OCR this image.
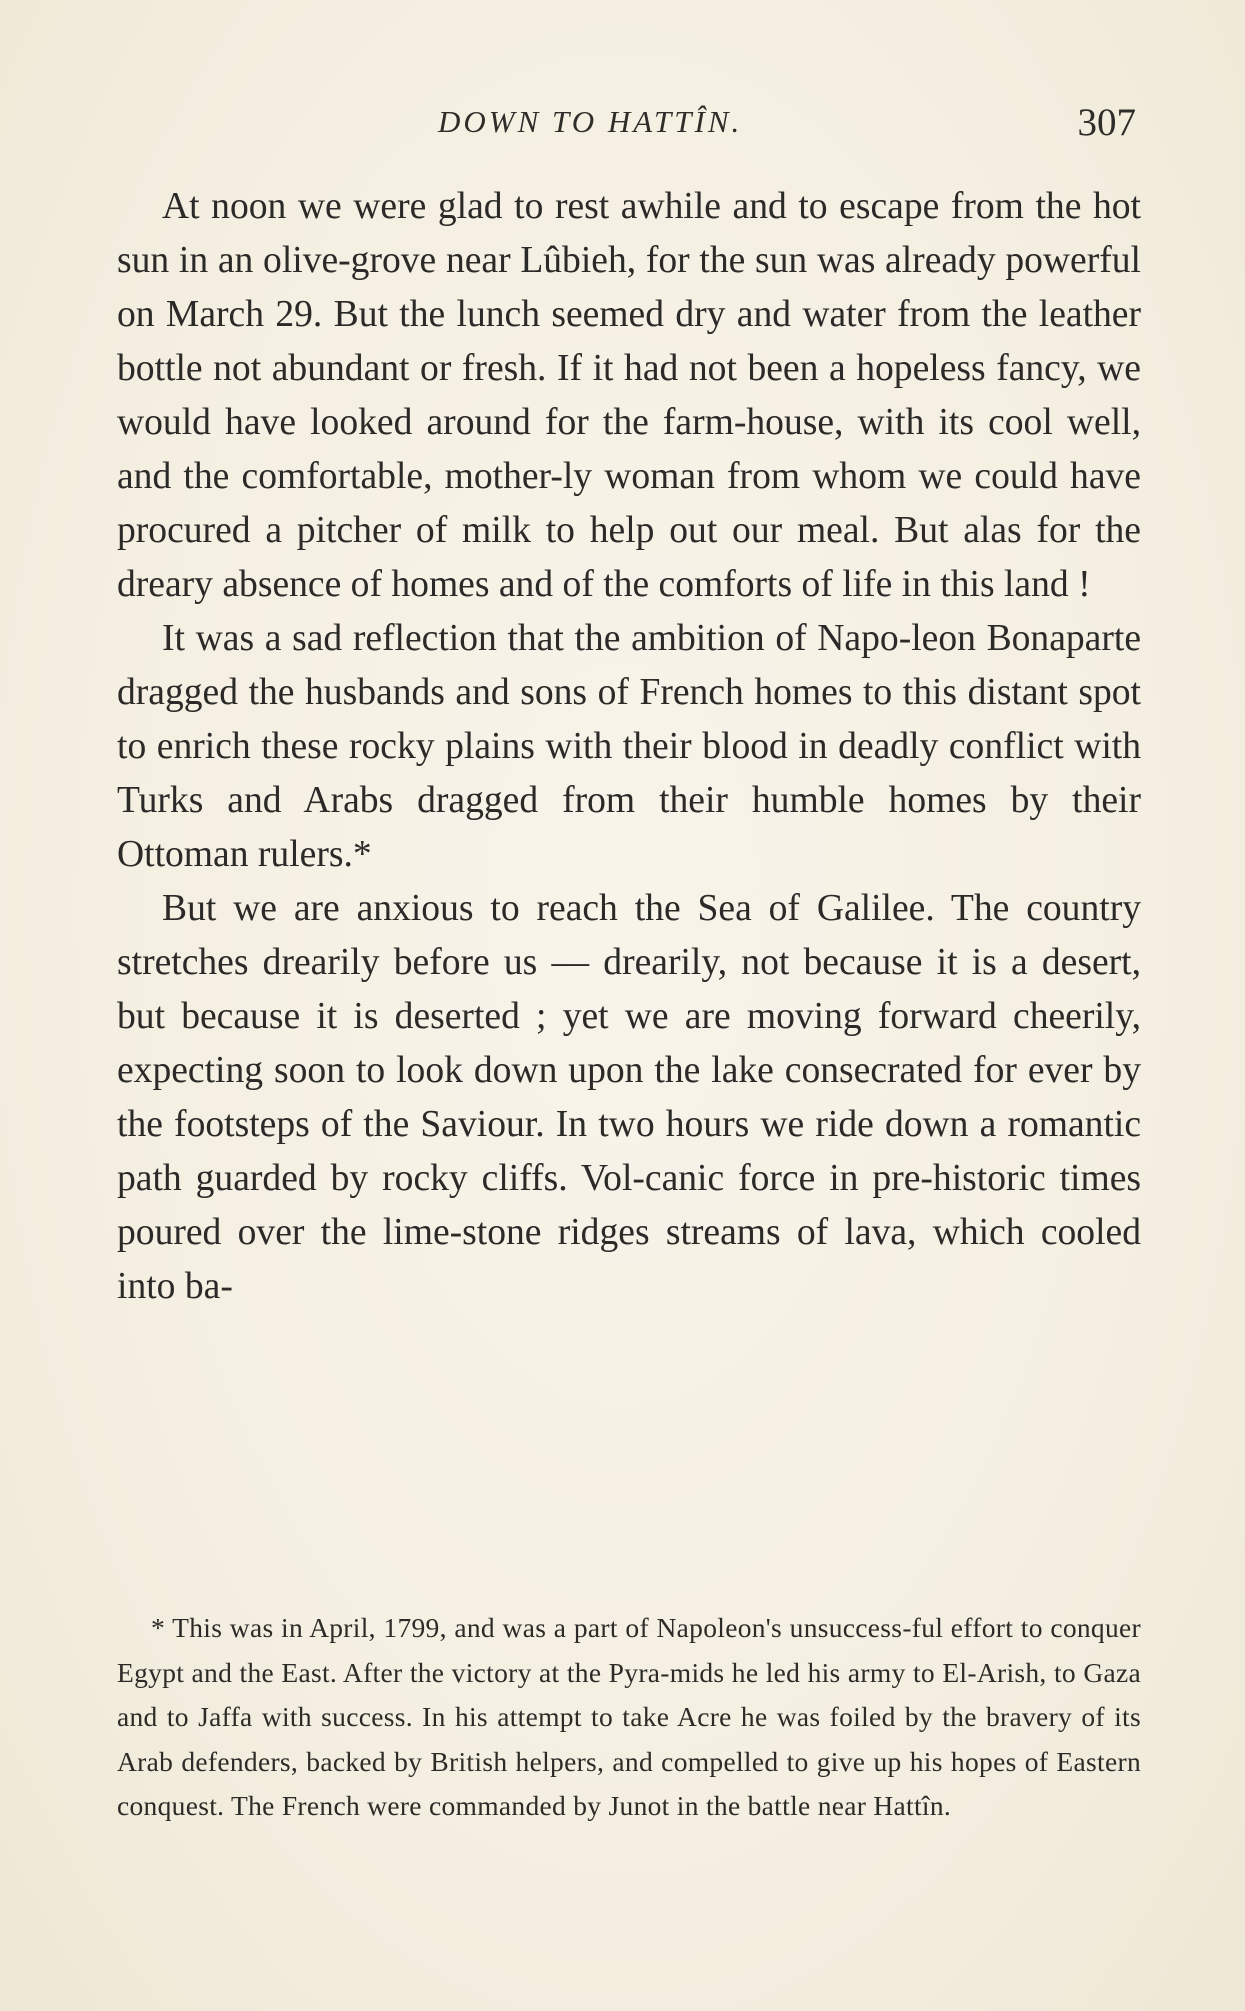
DOWN TO HATTÎN.	307

At noon we were glad to rest awhile and to escape from the hot sun in an olive-grove near Lûbieh, for the sun was already powerful on March 29. But the lunch seemed dry and water from the leather bottle not abundant or fresh. If it had not been a hopeless fancy, we would have looked around for the farm-house, with its cool well, and the comfortable, mother-ly woman from whom we could have procured a pitcher of milk to help out our meal. But alas for the dreary absence of homes and of the comforts of life in this land !

It was a sad reflection that the ambition of Napo-leon Bonaparte dragged the husbands and sons of French homes to this distant spot to enrich these rocky plains with their blood in deadly conflict with Turks and Arabs dragged from their humble homes by their Ottoman rulers.*

But we are anxious to reach the Sea of Galilee. The country stretches drearily before us — drearily, not because it is a desert, but because it is deserted ; yet we are moving forward cheerily, expecting soon to look down upon the lake consecrated for ever by the footsteps of the Saviour. In two hours we ride down a romantic path guarded by rocky cliffs. Vol-canic force in pre-historic times poured over the lime-stone ridges streams of lava, which cooled into ba-

* This was in April, 1799, and was a part of Napoleon's unsuccess-ful effort to conquer Egypt and the East. After the victory at the Pyra-mids he led his army to El-Arish, to Gaza and to Jaffa with success. In his attempt to take Acre he was foiled by the bravery of its Arab defenders, backed by British helpers, and compelled to give up his hopes of Eastern conquest. The French were commanded by Junot in the battle near Hattîn.
